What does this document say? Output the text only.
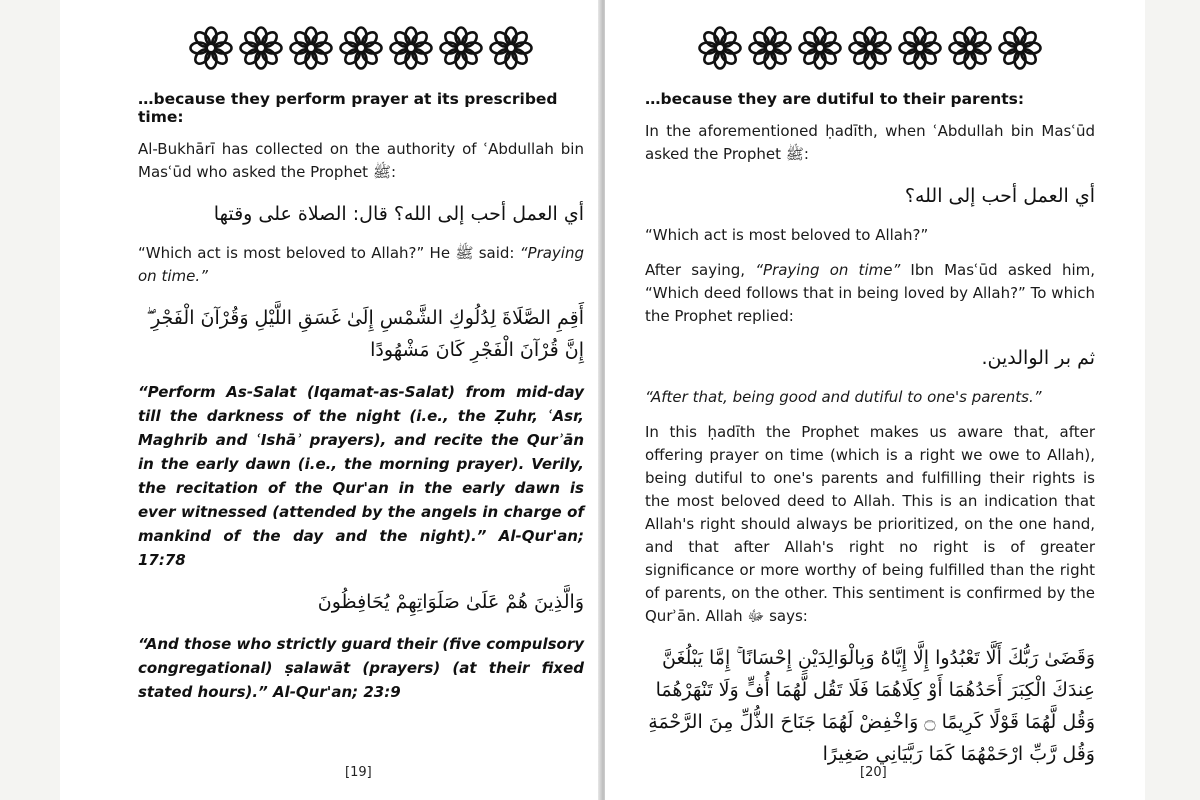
…because they perform prayer at its prescribed time:
Al-Bukhārī has collected on the authority of ʿAbdullah bin Masʿūd who asked the Prophet ﷺ:
أي العمل أحب إلى الله؟ قال: الصلاة على وقتها
“Which act is most beloved to Allah?” He ﷺ said: “Praying on time.”
أَقِمِ الصَّلَاةَ لِدُلُوكِ الشَّمْسِ إِلَىٰ غَسَقِ اللَّيْلِ وَقُرْآنَ الْفَجْرِ ۖ إِنَّ قُرْآنَ الْفَجْرِ كَانَ مَشْهُودًا
“Perform As-Salat (Iqamat-as-Salat) from mid-day till the darkness of the night (i.e., the Ẓuhr, ʿAsr, Maghrib and ʿIshāʾ prayers), and recite the Qurʾān in the early dawn (i.e., the morning prayer). Verily, the recitation of the Qur'an in the early dawn is ever witnessed (attended by the angels in charge of mankind of the day and the night).” Al-Qur'an; 17:78
وَالَّذِينَ هُمْ عَلَىٰ صَلَوَاتِهِمْ يُحَافِظُونَ
“And those who strictly guard their (five compulsory congregational) ṣalawāt (prayers) (at their fixed stated hours).” Al-Qur'an; 23:9
[19]
…because they are dutiful to their parents:
In the aforementioned ḥadīth, when ʿAbdullah bin Masʿūd asked the Prophet ﷺ:
أي العمل أحب إلى الله؟
“Which act is most beloved to Allah?”
After saying, “Praying on time” Ibn Masʿūd asked him, “Which deed follows that in being loved by Allah?” To which the Prophet replied:
ثم بر الوالدين.
“After that, being good and dutiful to one's parents.”
In this ḥadīth the Prophet makes us aware that, after offering prayer on time (which is a right we owe to Allah), being dutiful to one's parents and fulfilling their rights is the most beloved deed to Allah. This is an indication that Allah's right should always be prioritized, on the one hand, and that after Allah's right no right is of greater significance or more worthy of being fulfilled than the right of parents, on the other. This sentiment is confirmed by the Qurʾān. Allah ﷻ says:
وَقَضَىٰ رَبُّكَ أَلَّا تَعْبُدُوا إِلَّا إِيَّاهُ وَبِالْوَالِدَيْنِ إِحْسَانًا ۚ إِمَّا يَبْلُغَنَّ عِندَكَ الْكِبَرَ أَحَدُهُمَا أَوْ كِلَاهُمَا فَلَا تَقُل لَّهُمَا أُفٍّ وَلَا تَنْهَرْهُمَا وَقُل لَّهُمَا قَوْلًا كَرِيمًا ۝ وَاخْفِضْ لَهُمَا جَنَاحَ الذُّلِّ مِنَ الرَّحْمَةِ وَقُل رَّبِّ ارْحَمْهُمَا كَمَا رَبَّيَانِي صَغِيرًا
[20]
